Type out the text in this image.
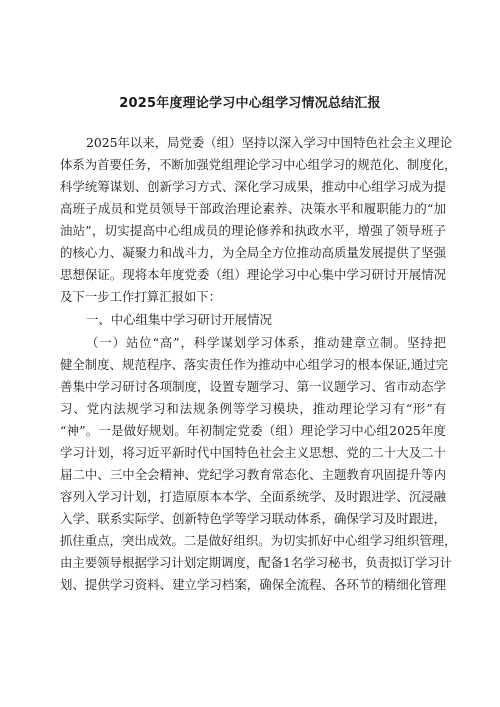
2025年度理论学习中心组学习情况总结汇报
2025年以来，局党委（组）坚持以深入学习中国特色社会主义理论
体系为首要任务，不断加强党组理论学习中心组学习的规范化、制度化，
科学统筹谋划、创新学习方式、深化学习成果，推动中心组学习成为提
高班子成员和党员领导干部政治理论素养、决策水平和履职能力的“加
油站”，切实提高中心组成员的理论修养和执政水平，增强了领导班子
的核心力、凝聚力和战斗力，为全局全方位推动高质量发展提供了坚强
思想保证。现将本年度党委（组）理论学习中心集中学习研讨开展情况
及下一步工作打算汇报如下：
一、中心组集中学习研讨开展情况
（一）站位“高”，科学谋划学习体系，推动建章立制。坚持把
健全制度、规范程序、落实责任作为推动中心组学习的根本保证,通过完
善集中学习研讨各项制度，设置专题学习、第一议题学习、省市动态学
习、党内法规学习和法规条例等学习模块，推动理论学习有“形”有
“神”。一是做好规划。年初制定党委（组）理论学习中心组2025年度
学习计划，将习近平新时代中国特色社会主义思想、党的二十大及二十
届二中、三中全会精神、党纪学习教育常态化、主题教育巩固提升等内
容列入学习计划，打造原原本本学、全面系统学、及时跟进学、沉浸融
入学、联系实际学、创新特色学等学习联动体系，确保学习及时跟进，
抓住重点，突出成效。二是做好组织。为切实抓好中心组学习组织管理，
由主要领导根据学习计划定期调度，配备1名学习秘书，负责拟订学习计
划、提供学习资料、建立学习档案，确保全流程、各环节的精细化管理
